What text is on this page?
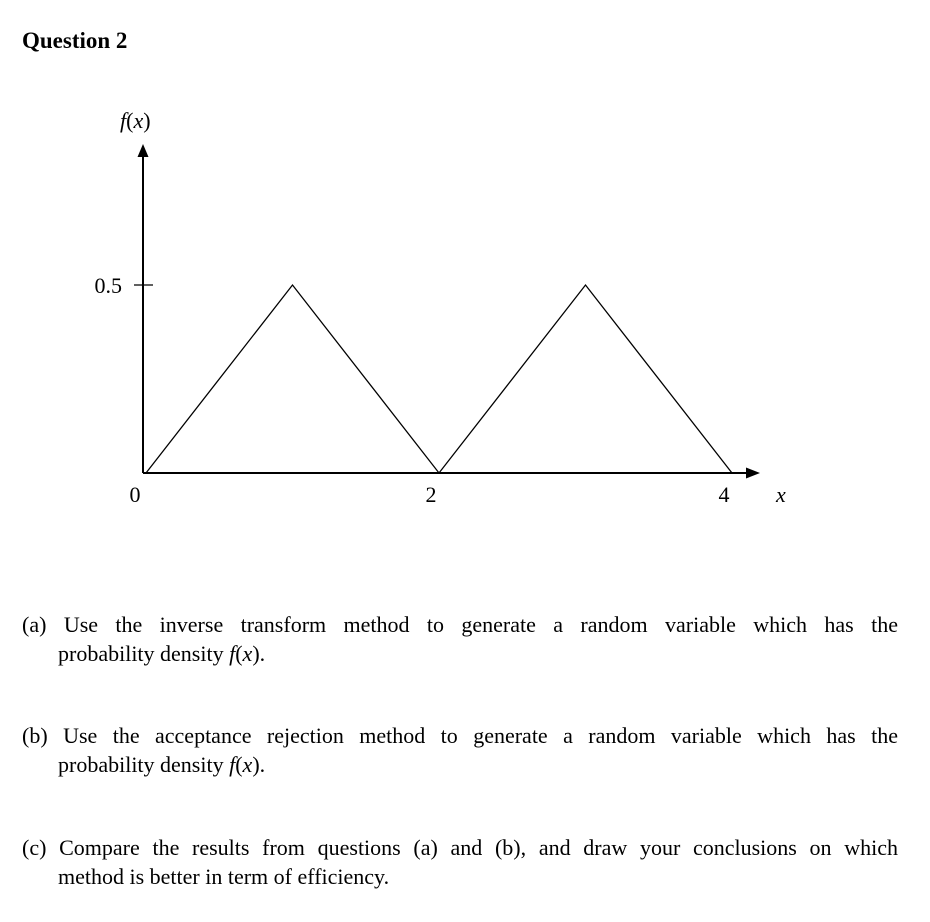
Question 2
f(x)
x
0.5
0	2	4
(a) Use the inverse transform method to generate a random variable which has the
probability density f(x).
(b) Use the acceptance rejection method to generate a random variable which has the
probability density f(x).
(c) Compare the results from questions (a) and (b), and draw your conclusions on which
method is better in term of efficiency.
